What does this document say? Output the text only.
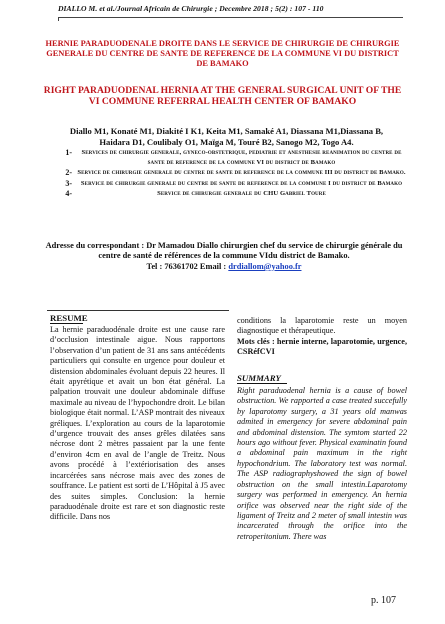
DIALLO M. et al./Journal Africain de Chirurgie ; Decembre 2018 ; 5(2) : 107 - 110
HERNIE PARADUODENALE DROITE DANS LE SERVICE DE CHIRURGIE DE CHIRURGIE GENERALE DU CENTRE DE SANTE DE REFERENCE DE LA COMMUNE VI DU DISTRICT DE BAMAKO
RIGHT PARADUODENAL HERNIA AT THE GENERAL SURGICAL UNIT OF THE VI COMMUNE REFERRAL HEALTH CENTER OF BAMAKO
Diallo M1, Konaté M1, Diakité I K1, Keita M1, Samaké A1, Diassana M1,Diassana B, Haidara D1, Coulibaly O1, Maïga M, Touré B2, Sanogo M2, Togo A4.
1-	Services de chirurgie generale, gyneco-obstetrique, pediatrie et anesthesie reanimation du centre de sante de reference de la commune VI du district de Bamako
2- Service de chirurgie generale du centre de sante de reference de la commune III du district de Bamako.
3-	Service de chirurgie generale du centre de sante de reference de la commune I du district de Bamako
4-	Service de chirurgie generale du CHU Gabriel Toure
Adresse du correspondant : Dr Mamadou Diallo chirurgien chef du service de chirurgie générale du centre de santé de références de la commune VIdu district de Bamako.
Tel : 76361702 Email : drdiallom@yahoo.fr
RESUME

La hernie paraduodénale droite est une cause rare d’occlusion intestinale aigue. Nous rapportons l’observation d’un patient de 31 ans sans antécédents particuliers qui consulte en urgence pour douleur et distension abdominales évoluant depuis 22 heures. Il était apyrétique et avait un bon état général. La palpation trouvait une douleur abdominale diffuse maximale au niveau de l’hypochondre droit. Le bilan biologique était normal. L’ASP montrait des niveaux gréliques. L’exploration au cours de la laparotomie d’urgence trouvait des anses grêles dilatées sans nécrose dont 2 mètres passaient par la une fente d’environ 4cm en aval de l’angle de Treitz. Nous avons procédé à l’extériorisation des anses incarcérées sans nécrose mais avec des zones de souffrance. Le patient est sorti de L’Hôpital à J5 avec des suites simples. Conclusion: la hernie paraduodénale droite est rare et son diagnostic reste difficile. Dans nos

conditions la laparotomie reste un moyen diagnostique et thérapeutique.

Mots clés : hernie interne, laparotomie, urgence, CSRéfCVI

SUMMARY

Right paraduodenal hernia is a cause of bowel obstruction. We rapported a case treated succefully by laparotomy surgery, a 31 years old manwas admited in emergency for severe abdominal pain and abdominal distension. The symtom started 22 hours ago without fever. Physical examinatin found a abdominal pain maximum in the right hypochondrium. The laboratory test was normal. The ASP radiographyshowed the sign of bowel obstruction on the small intestin.Laparotomy surgery was performed in emergency. An hernia orifice was observed near the right side of the ligament of Treitz and 2 meter of small intestin was incarcerated through the orifice into the retroperitonium. There was

p. 107
